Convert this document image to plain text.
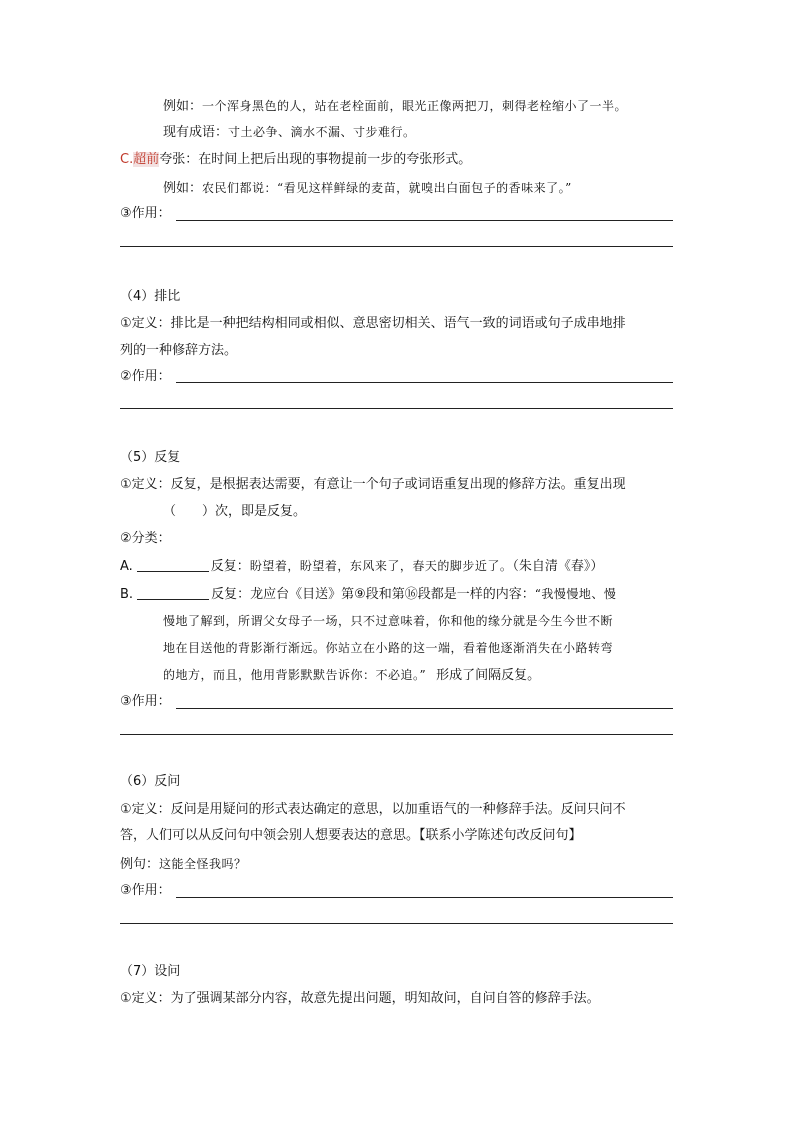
例如：一个浑身黑色的人，站在老栓面前，眼光正像两把刀，刺得老栓缩小了一半。
现有成语：寸土必争、滴水不漏、寸步难行。
C.超前夸张：在时间上把后出现的事物提前一步的夸张形式。
例如：农民们都说：“看见这样鲜绿的麦苗，就嗅出白面包子的香味来了。”
③作用：
（4）排比
①定义：排比是一种把结构相同或相似、意思密切相关、语气一致的词语或句子成串地排
列的一种修辞方法。
②作用：
（5）反复
①定义：反复，是根据表达需要，有意让一个句子或词语重复出现的修辞方法。重复出现
（　　）次，即是反复。
②分类：
A.	反复：盼望着，盼望着，东风来了，春天的脚步近了。（朱自清《春》）
B.	反复：龙应台《目送》第⑨段和第⑯段都是一样的内容：“我慢慢地、慢
慢地了解到，所谓父女母子一场，只不过意味着，你和他的缘分就是今生今世不断
地在目送他的背影渐行渐远。你站立在小路的这一端，看着他逐渐消失在小路转弯
的地方，而且，他用背影默默告诉你：不必追。” 形成了间隔反复。
③作用：
（6）反问
①定义：反问是用疑问的形式表达确定的意思，以加重语气的一种修辞手法。反问只问不
答，人们可以从反问句中领会别人想要表达的意思。【联系小学陈述句改反问句】
例句：这能全怪我吗？
③作用：
（7）设问
①定义：为了强调某部分内容，故意先提出问题，明知故问，自问自答的修辞手法。
